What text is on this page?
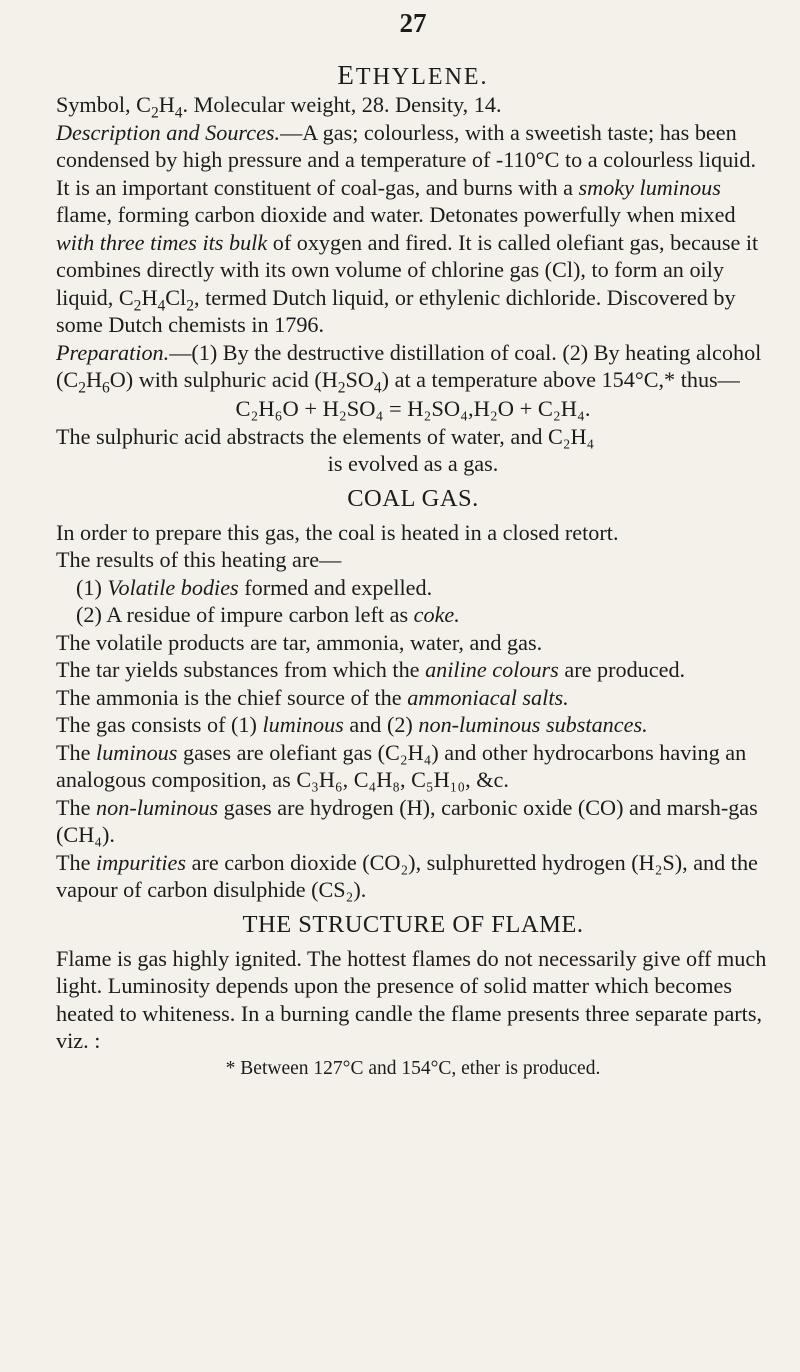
27
ETHYLENE.

Symbol, $C_2H_4$. Molecular weight, 28. Density, 14.

Description and Sources.—A gas; colourless, with a sweetish taste; has been condensed by high pressure and a temperature of -110°C to a colourless liquid. It is an important constituent of coal-gas, and burns with a smoky luminous flame, forming carbon dioxide and water. Detonates powerfully when mixed with three times its bulk of oxygen and fired. It is called olefiant gas, because it combines directly with its own volume of chlorine gas (Cl), to form an oily liquid, $C_2H_4Cl_2$, termed Dutch liquid, or ethylenic dichloride. Discovered by some Dutch chemists in 1796.

Preparation.—(1) By the destructive distillation of coal. (2) By heating alcohol $(C_2H_6O)$ with sulphuric acid $(H_2SO_4)$ at a temperature above 154°C,* thus—

C₂H₆O + H₂SO₄ = H₂SO₄,H₂O + C₂H₄.

The sulphuric acid abstracts the elements of water, and C₂H₄

is evolved as a gas.

COAL GAS.

In order to prepare this gas, the coal is heated in a closed retort.

The results of this heating are—

(1) Volatile bodies formed and expelled.

(2) A residue of impure carbon left as coke.

The volatile products are tar, ammonia, water, and gas.

The tar yields substances from which the aniline colours are produced.

The ammonia is the chief source of the ammoniacal salts.

The gas consists of (1) luminous and (2) non-luminous substances.

The luminous gases are olefiant gas (C₂H₄) and other hydrocarbons having an analogous composition, as C₃H₆, C₄H₈, C₅H₁₀, &c.

The non-luminous gases are hydrogen (H), carbonic oxide (CO) and marsh-gas (CH₄).

The impurities are carbon dioxide (CO₂), sulphuretted hydrogen (H₂S), and the vapour of carbon disulphide (CS₂).

THE STRUCTURE OF FLAME.

Flame is gas highly ignited. The hottest flames do not necessarily give off much light. Luminosity depends upon the presence of solid matter which becomes heated to whiteness. In a burning candle the flame presents three separate parts, viz. :

* Between 127°C and 154°C, ether is produced.
